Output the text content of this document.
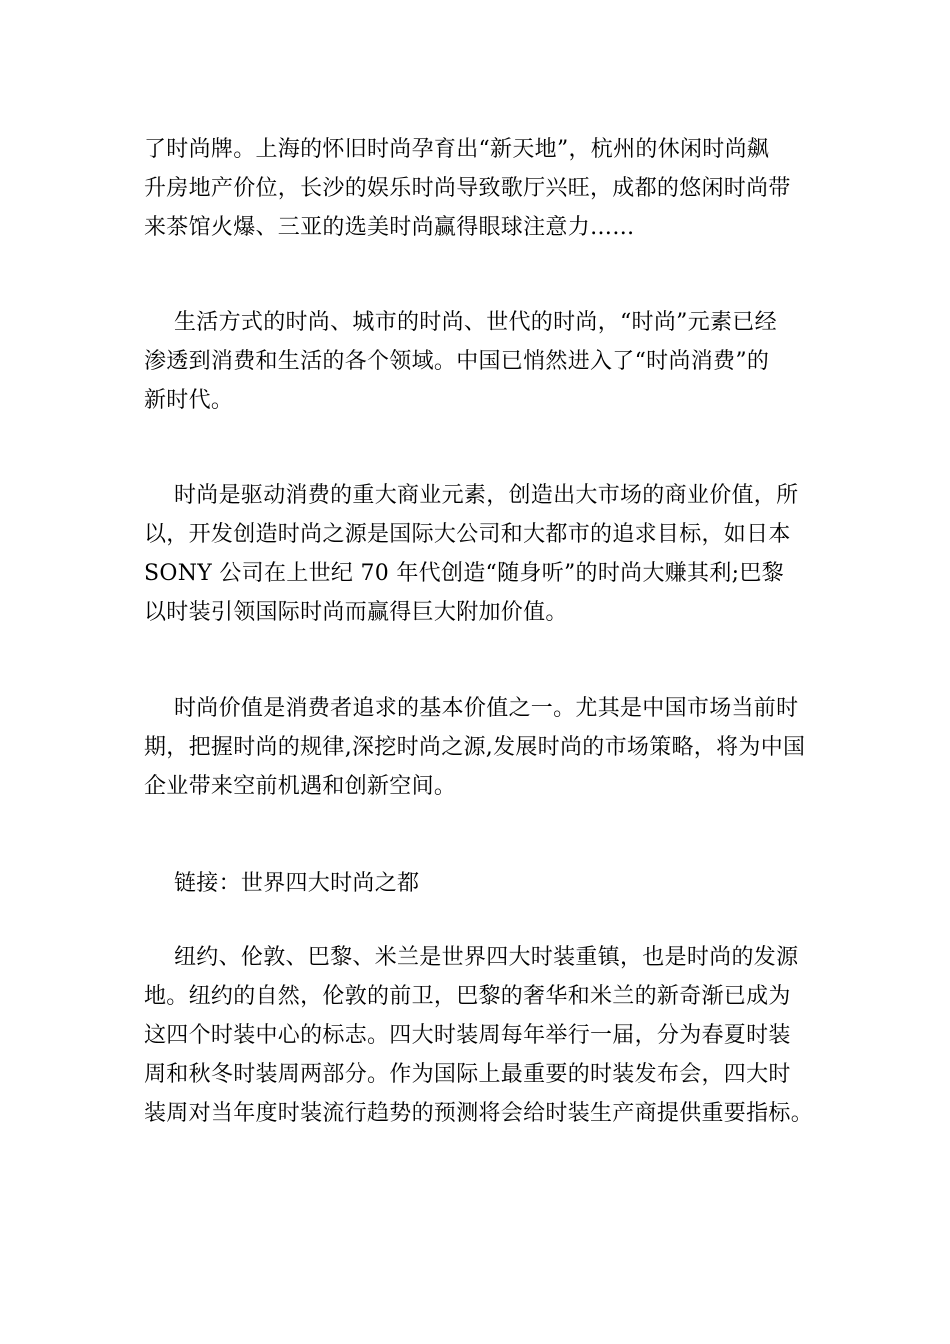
了时尚牌。上海的怀旧时尚孕育出“新天地”，杭州的休闲时尚飙
升房地产价位，长沙的娱乐时尚导致歌厅兴旺，成都的悠闲时尚带
来茶馆火爆、三亚的选美时尚赢得眼球注意力……
生活方式的时尚、城市的时尚、世代的时尚，“时尚”元素已经
渗透到消费和生活的各个领域。中国已悄然进入了“时尚消费”的
新时代。
时尚是驱动消费的重大商业元素，创造出大市场的商业价值，所
以，开发创造时尚之源是国际大公司和大都市的追求目标，如日本
SONY 公司在上世纪 70 年代创造“随身听”的时尚大赚其利;巴黎
以时装引领国际时尚而赢得巨大附加价值。
时尚价值是消费者追求的基本价值之一。尤其是中国市场当前时
期，把握时尚的规律,深挖时尚之源,发展时尚的市场策略，将为中国
企业带来空前机遇和创新空间。
链接：世界四大时尚之都
纽约、伦敦、巴黎、米兰是世界四大时装重镇，也是时尚的发源
地。纽约的自然，伦敦的前卫，巴黎的奢华和米兰的新奇渐已成为
这四个时装中心的标志。四大时装周每年举行一届，分为春夏时装
周和秋冬时装周两部分。作为国际上最重要的时装发布会，四大时
装周对当年度时装流行趋势的预测将会给时装生产商提供重要指标。
